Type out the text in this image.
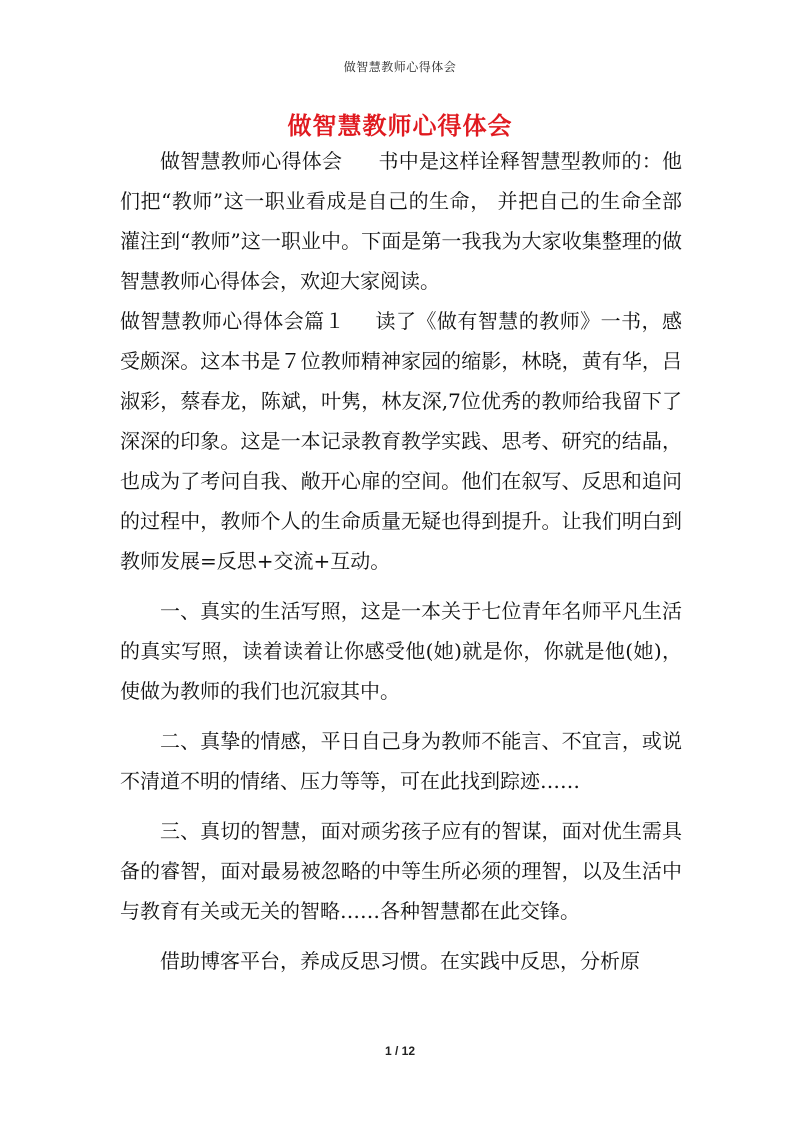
做智慧教师心得体会
做智慧教师心得体会

做智慧教师心得体会 书中是这样诠释智慧型教师的：他们把“教师”这一职业看成是自己的生命， 并把自己的生命全部灌注到“教师”这一职业中。下面是第一我我为大家收集整理的做智慧教师心得体会，欢迎大家阅读。

做智慧教师心得体会篇１ 读了《做有智慧的教师》一书，感受颇深。这本书是７位教师精神家园的缩影，林晓，黄有华，吕淑彩，蔡春龙，陈斌，叶隽，林友深,7位优秀的教师给我留下了深深的印象。这是一本记录教育教学实践、思考、研究的结晶，也成为了考问自我、敞开心扉的空间。他们在叙写、反思和追问的过程中，教师个人的生命质量无疑也得到提升。让我们明白到教师发展=反思+交流+互动。

一、真实的生活写照，这是一本关于七位青年名师平凡生活的真实写照，读着读着让你感受他(她)就是你，你就是他(她)，使做为教师的我们也沉寂其中。

二、真挚的情感，平日自己身为教师不能言、不宜言，或说不清道不明的情绪、压力等等，可在此找到踪迹……

三、真切的智慧，面对顽劣孩子应有的智谋，面对优生需具备的睿智，面对最易被忽略的中等生所必须的理智，以及生活中与教育有关或无关的智略……各种智慧都在此交锋。

借助博客平台，养成反思习惯。在实践中反思，分析原

1 / 12
